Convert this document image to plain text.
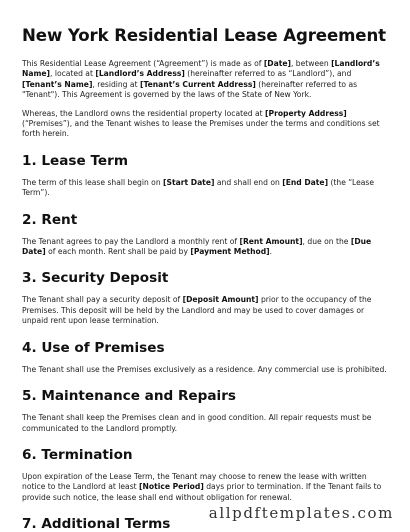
New York Residential Lease Agreement

This Residential Lease Agreement (“Agreement”) is made as of [Date], between [Landlord’s Name], located at [Landlord’s Address] (hereinafter referred to as “Landlord”), and [Tenant’s Name], residing at [Tenant’s Current Address] (hereinafter referred to as "Tenant"). This Agreement is governed by the laws of the State of New York.

Whereas, the Landlord owns the residential property located at [Property Address] (“Premises”), and the Tenant wishes to lease the Premises under the terms and conditions set forth herein.

1. Lease Term

The term of this lease shall begin on [Start Date] and shall end on [End Date] (the “Lease Term”).

2. Rent

The Tenant agrees to pay the Landlord a monthly rent of [Rent Amount], due on the [Due Date] of each month. Rent shall be paid by [Payment Method].

3. Security Deposit

The Tenant shall pay a security deposit of [Deposit Amount] prior to the occupancy of the Premises. This deposit will be held by the Landlord and may be used to cover damages or unpaid rent upon lease termination.

4. Use of Premises

The Tenant shall use the Premises exclusively as a residence. Any commercial use is prohibited.

5. Maintenance and Repairs

The Tenant shall keep the Premises clean and in good condition. All repair requests must be communicated to the Landlord promptly.

6. Termination

Upon expiration of the Lease Term, the Tenant may choose to renew the lease with written notice to the Landlord at least [Notice Period] days prior to termination. If the Tenant fails to provide such notice, the lease shall end without obligation for renewal.

7. Additional Terms
allpdftemplates.com
